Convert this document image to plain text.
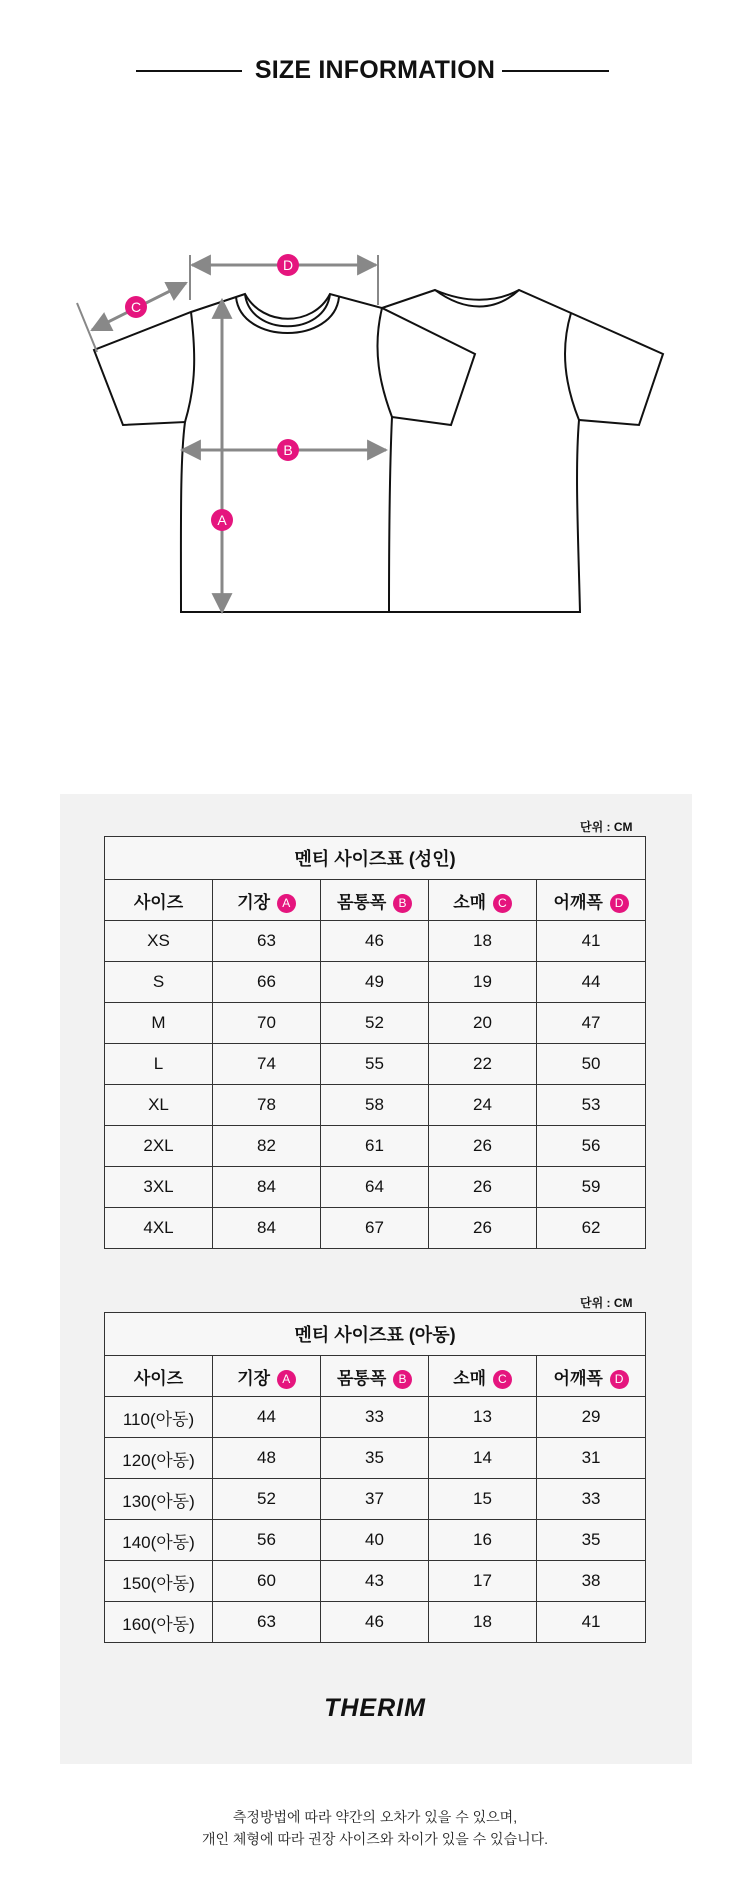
SIZE INFORMATION
D
C
B
A
단위 : CM
멘티 사이즈표 (성인)				
사이즈	기장 A	몸통폭 B	소매 C	어깨폭 D
XS	63	46	18	41
S	66	49	19	44
M	70	52	20	47
L	74	55	22	50
XL	78	58	24	53
2XL	82	61	26	56
3XL	84	64	26	59
4XL	84	67	26	62
단위 : CM
멘티 사이즈표 (아동)				
사이즈	기장 A	몸통폭 B	소매 C	어깨폭 D
110(아동)	44	33	13	29
120(아동)	48	35	14	31
130(아동)	52	37	15	33
140(아동)	56	40	16	35
150(아동)	60	43	17	38
160(아동)	63	46	18	41
THERIM
측정방법에 따라 약간의 오차가 있을 수 있으며,
개인 체형에 따라 권장 사이즈와 차이가 있을 수 있습니다.
